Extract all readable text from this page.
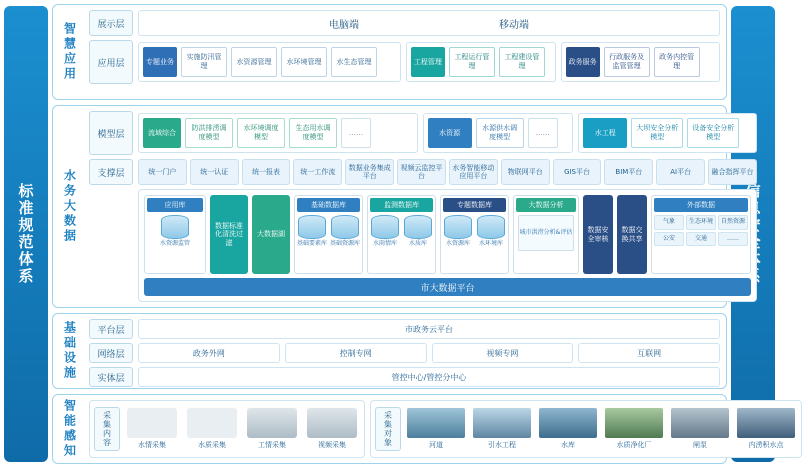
标准规范体系
智慧应用	展示层	电脑端	移动端
应用层	专题业务
实施防汛管理
水资源管理	水环境管理	水生态管理	工程管理
工程运行管理
工程建设管理
政务服务
行政服务及监管管理
政务内控管理
水务大数据
模型层	流域综合
防洪排涝调度模型
水环境调度模型
生态用水调度模型
……	水资源
水源供水调度模型
……	水工程
大坝安全分析模型
设备安全分析模型
支撑层	统一门户	统一认证	统一报表	统一工作流
数据业务集成平台
视频云监控平台
水务智能移动应用平台
物联网平台	GIS平台	BIM平台	AI平台	融合指挥平台
应用库
水资源监管
数据标准化清洗过滤
大数据湖
基础数据库
基础要素库 基础资源库
监测数据库
水雨情库 水质库
专题数据库
水资源库 水环境库
大数据分析
城市洪涝分析&评估	数据安全审核
数据交换共享
外部数据
气象	生态环境	自然资源
公安	交通	……
市大数据平台
基础设施	平台层	市政务云平台
网络层	政务外网	控制专网	视频专网	互联网
实体层	管控中心/管控分中心
智能感知	采集内容	水情采集	水质采集	工情采集	视频采集	采集对象	河道	引水工程	水库	水质净化厂	闸泵	内涝积水点
